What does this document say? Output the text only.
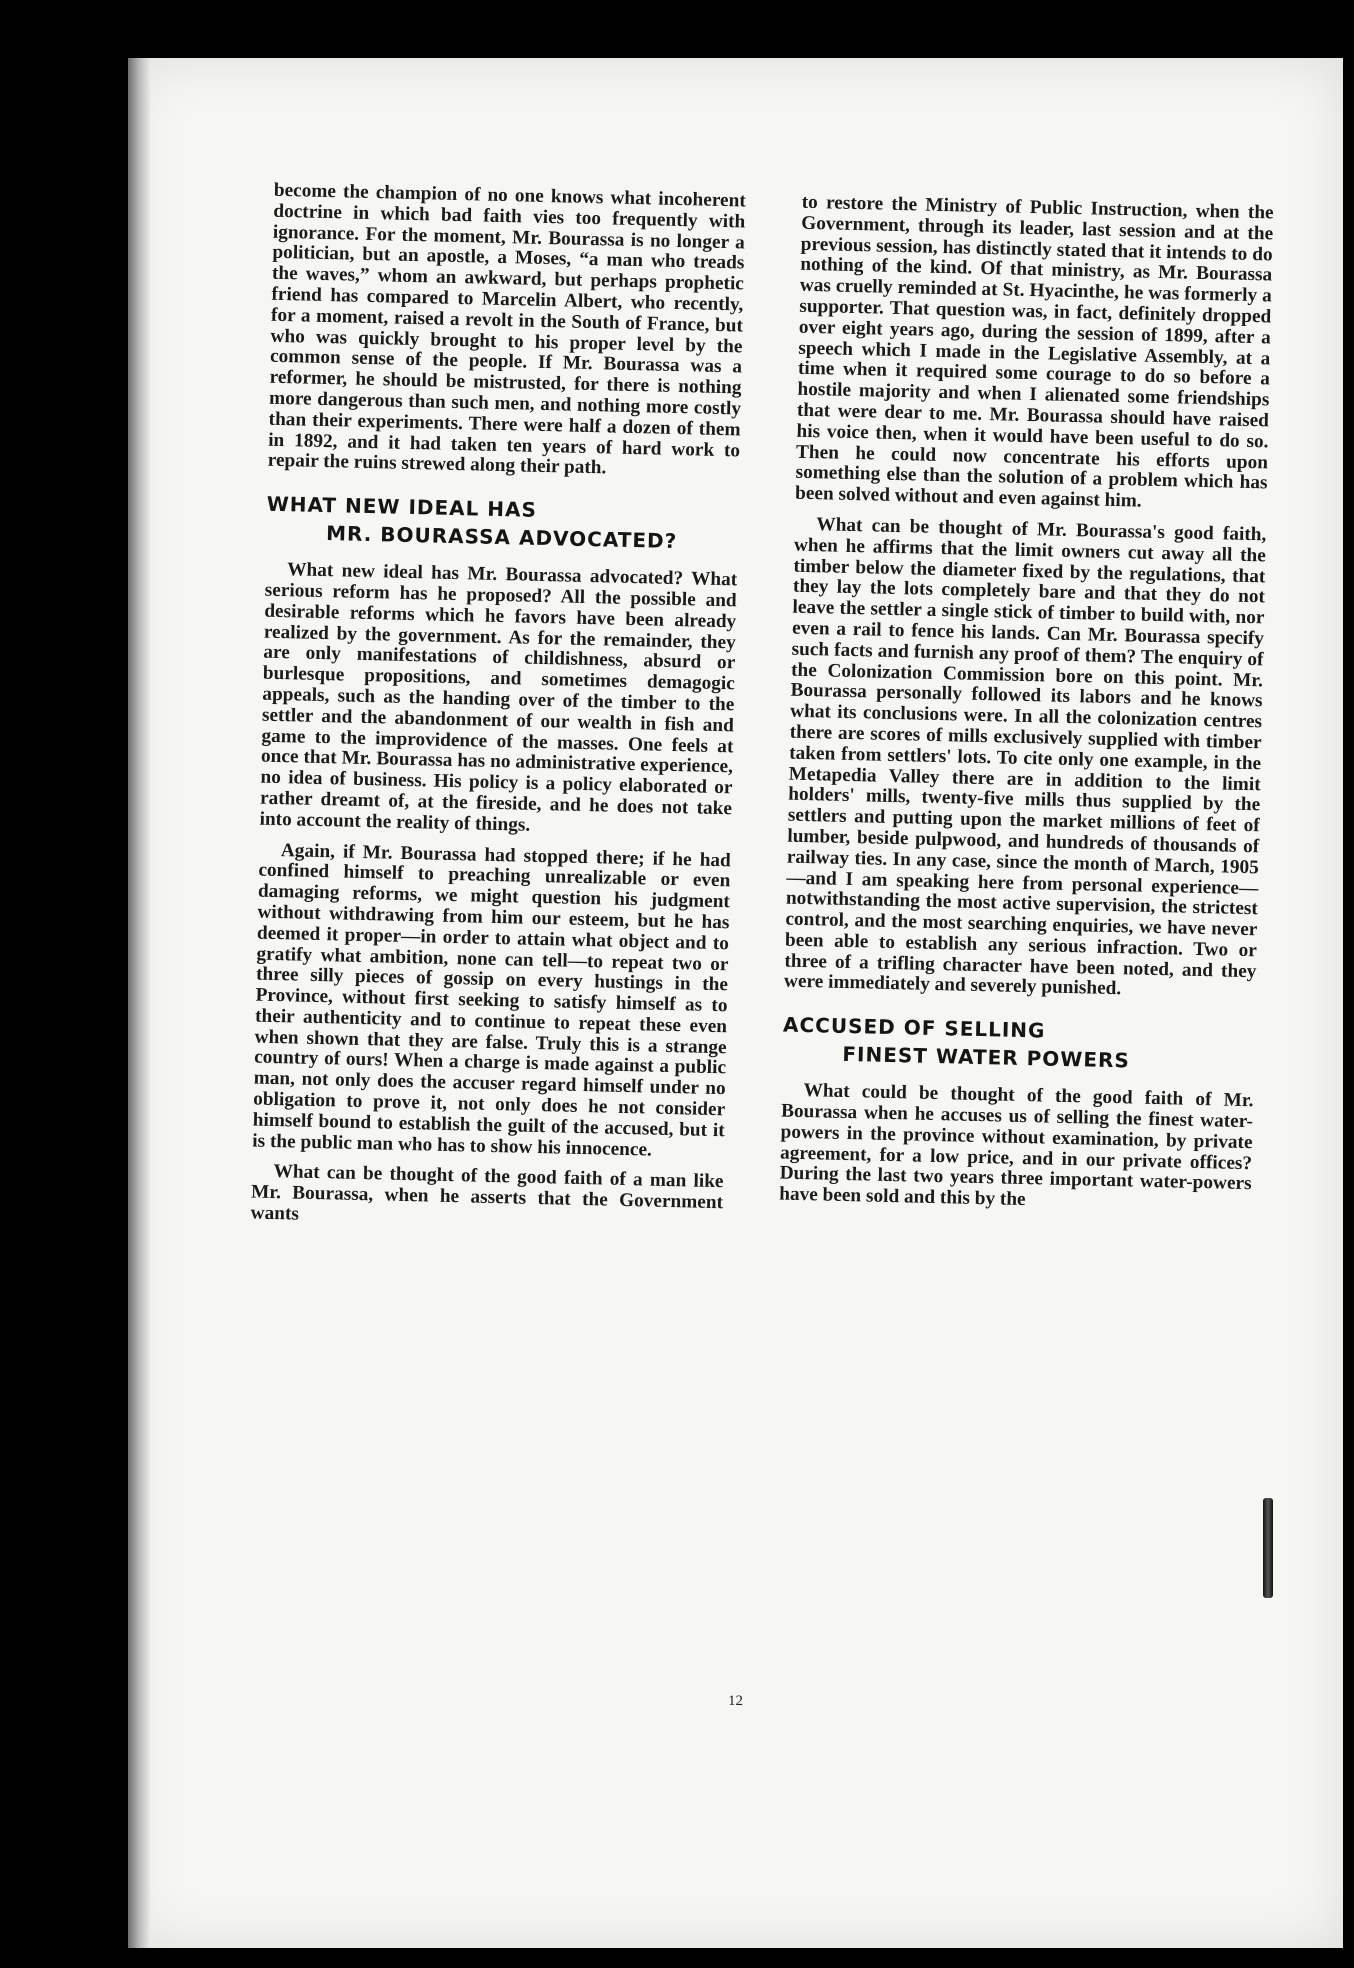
become the champion of no one knows what incoherent doctrine in which bad faith vies too frequently with ignorance. For the moment, Mr. Bourassa is no longer a politician, but an apostle, a Moses, “a man who treads the waves,” whom an awkward, but perhaps prophetic friend has compared to Marcelin Albert, who recently, for a moment, raised a revolt in the South of France, but who was quickly brought to his proper level by the common sense of the people. If Mr. Bourassa was a reformer, he should be mistrusted, for there is nothing more dangerous than such men, and nothing more costly than their experiments. There were half a dozen of them in 1892, and it had taken ten years of hard work to repair the ruins strewed along their path.

WHAT NEW IDEAL HAS
MR. BOURASSA ADVOCATED?

What new ideal has Mr. Bourassa advocated? What serious reform has he proposed? All the possible and desirable reforms which he favors have been already realized by the government. As for the remainder, they are only manifestations of childishness, absurd or burlesque propositions, and sometimes demagogic appeals, such as the handing over of the timber to the settler and the abandonment of our wealth in fish and game to the improvidence of the masses. One feels at once that Mr. Bourassa has no administrative experience, no idea of business. His policy is a policy elaborated or rather dreamt of, at the fireside, and he does not take into account the reality of things.

Again, if Mr. Bourassa had stopped there; if he had confined himself to preaching unrealizable or even damaging reforms, we might question his judgment without withdrawing from him our esteem, but he has deemed it proper—in order to attain what object and to gratify what ambition, none can tell—to repeat two or three silly pieces of gossip on every hustings in the Province, without first seeking to satisfy himself as to their authenticity and to continue to repeat these even when shown that they are false. Truly this is a strange country of ours! When a charge is made against a public man, not only does the accuser regard himself under no obligation to prove it, not only does he not consider himself bound to establish the guilt of the accused, but it is the public man who has to show his innocence.

What can be thought of the good faith of a man like Mr. Bourassa, when he asserts that the Government wants

to restore the Ministry of Public Instruction, when the Government, through its leader, last session and at the previous session, has distinctly stated that it intends to do nothing of the kind. Of that ministry, as Mr. Bourassa was cruelly reminded at St. Hyacinthe, he was formerly a supporter. That question was, in fact, definitely dropped over eight years ago, during the session of 1899, after a speech which I made in the Legislative Assembly, at a time when it required some courage to do so before a hostile majority and when I alienated some friendships that were dear to me. Mr. Bourassa should have raised his voice then, when it would have been useful to do so. Then he could now concentrate his efforts upon something else than the solution of a problem which has been solved without and even against him.

What can be thought of Mr. Bourassa's good faith, when he affirms that the limit owners cut away all the timber below the diameter fixed by the regulations, that they lay the lots completely bare and that they do not leave the settler a single stick of timber to build with, nor even a rail to fence his lands. Can Mr. Bourassa specify such facts and furnish any proof of them? The enquiry of the Colonization Commission bore on this point. Mr. Bourassa personally followed its labors and he knows what its conclusions were. In all the colonization centres there are scores of mills exclusively supplied with timber taken from settlers' lots. To cite only one example, in the Metapedia Valley there are in addition to the limit holders' mills, twenty-five mills thus supplied by the settlers and putting upon the market millions of feet of lumber, beside pulpwood, and hundreds of thousands of railway ties. In any case, since the month of March, 1905—and I am speaking here from personal experience—notwithstanding the most active supervision, the strictest control, and the most searching enquiries, we have never been able to establish any serious infraction. Two or three of a trifling character have been noted, and they were immediately and severely punished.

ACCUSED OF SELLING
FINEST WATER POWERS

What could be thought of the good faith of Mr. Bourassa when he accuses us of selling the finest water-powers in the province without examination, by private agreement, for a low price, and in our private offices? During the last two years three important water-powers have been sold and this by the

12
